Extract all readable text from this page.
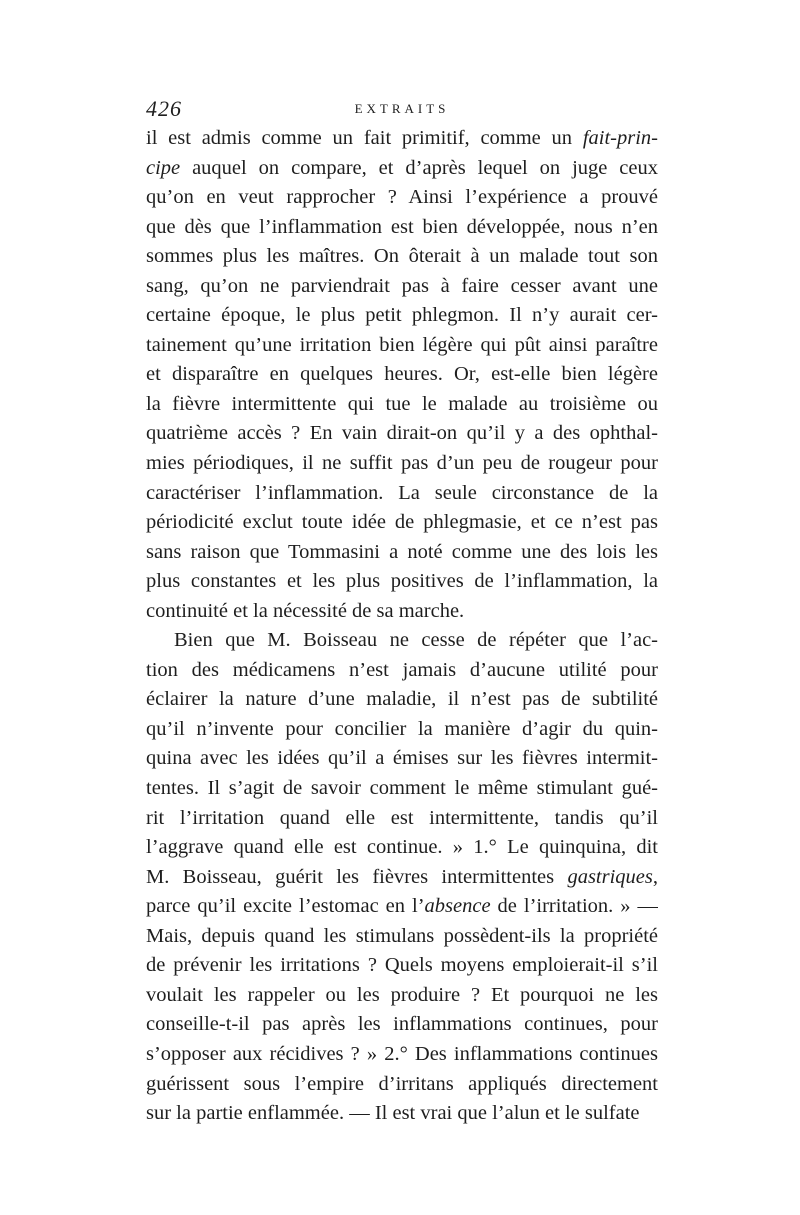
426	EXTRAITS
il est admis comme un fait primitif, comme un fait-prin-
cipe auquel on compare, et d’après lequel on juge ceux
qu’on en veut rapprocher ? Ainsi l’expérience a prouvé
que dès que l’inflammation est bien développée, nous n’en
sommes plus les maîtres. On ôterait à un malade tout son
sang, qu’on ne parviendrait pas à faire cesser avant une
certaine époque, le plus petit phlegmon. Il n’y aurait cer-
tainement qu’une irritation bien légère qui pût ainsi paraître
et disparaître en quelques heures. Or, est-elle bien légère
la fièvre intermittente qui tue le malade au troisième ou
quatrième accès ? En vain dirait-on qu’il y a des ophthal-
mies périodiques, il ne suffit pas d’un peu de rougeur pour
caractériser l’inflammation. La seule circonstance de la
périodicité exclut toute idée de phlegmasie, et ce n’est pas
sans raison que Tommasini a noté comme une des lois les
plus constantes et les plus positives de l’inflammation, la
continuité et la nécessité de sa marche.
Bien que M. Boisseau ne cesse de répéter que l’ac-
tion des médicamens n’est jamais d’aucune utilité pour
éclairer la nature d’une maladie, il n’est pas de subtilité
qu’il n’invente pour concilier la manière d’agir du quin-
quina avec les idées qu’il a émises sur les fièvres intermit-
tentes. Il s’agit de savoir comment le même stimulant gué-
rit l’irritation quand elle est intermittente, tandis qu’il
l’aggrave quand elle est continue. » 1.° Le quinquina, dit
M. Boisseau, guérit les fièvres intermittentes gastriques,
parce qu’il excite l’estomac en l’absence de l’irritation. » —
Mais, depuis quand les stimulans possèdent-ils la propriété
de prévenir les irritations ? Quels moyens emploierait-il s’il
voulait les rappeler ou les produire ? Et pourquoi ne les
conseille-t-il pas après les inflammations continues, pour
s’opposer aux récidives ? » 2.° Des inflammations continues
guérissent sous l’empire d’irritans appliqués directement
sur la partie enflammée. — Il est vrai que l’alun et le sulfate
